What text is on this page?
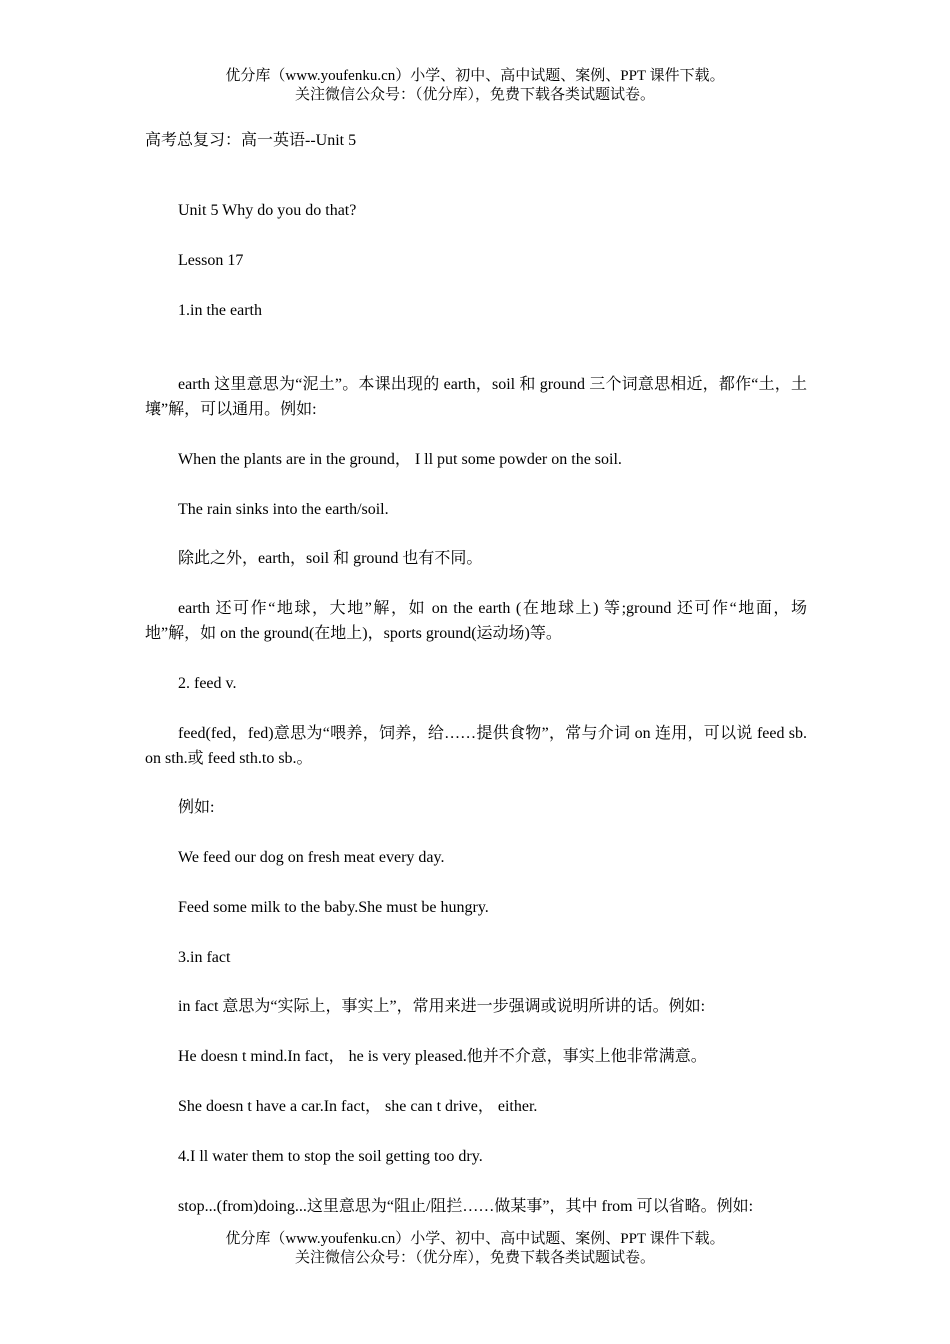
优分库（www.youfenku.cn）小学、初中、高中试题、案例、PPT 课件下载。
关注微信公众号：（优分库），免费下载各类试题试卷。
高考总复习：高一英语--Unit 5
Unit 5 Why do you do that?
Lesson 17
1.in the earth
earth 这里意思为“泥土”。本课出现的 earth，soil 和 ground 三个词意思相近，都作“土，土壤”解，可以通用。例如:
When the plants are in the ground， I ll put some powder on the soil.
The rain sinks into the earth/soil.
除此之外，earth，soil 和 ground 也有不同。
earth 还可作“地球，大地”解，如 on the earth (在地球上) 等;ground 还可作“地面，场地”解，如 on the ground(在地上)，sports ground(运动场)等。
2. feed v.
feed(fed，fed)意思为“喂养，饲养，给……提供食物”，常与介词 on 连用，可以说 feed sb. on sth.或 feed sth.to sb.。
例如:
We feed our dog on fresh meat every day.
Feed some milk to the baby.She must be hungry.
3.in fact
in fact 意思为“实际上，事实上”，常用来进一步强调或说明所讲的话。例如:
He doesn t mind.In fact， he is very pleased.他并不介意，事实上他非常满意。
She doesn t have a car.In fact， she can t drive， either.
4.I ll water them to stop the soil getting too dry.
stop...(from)doing...这里意思为“阻止/阻拦……做某事”，其中 from 可以省略。例如:
优分库（www.youfenku.cn）小学、初中、高中试题、案例、PPT 课件下载。
关注微信公众号：（优分库），免费下载各类试题试卷。
